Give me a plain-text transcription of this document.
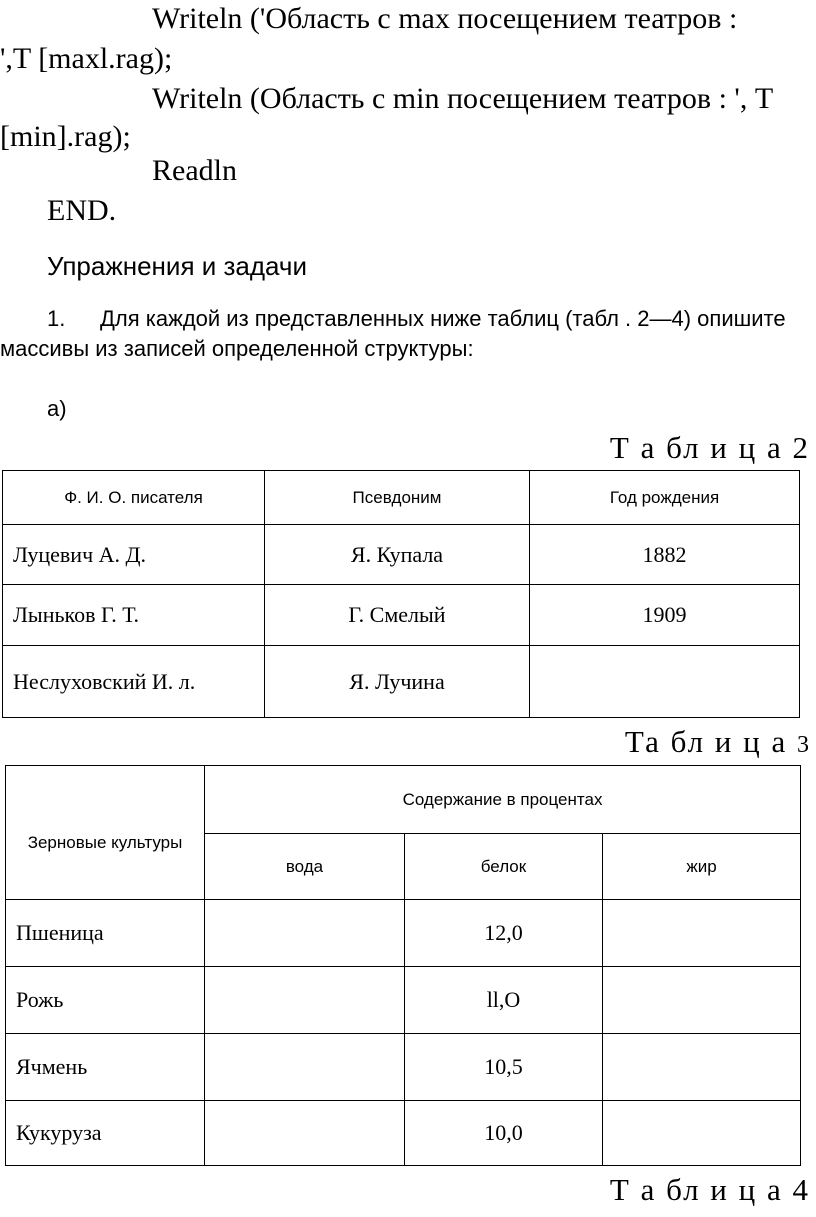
Writeln ('Область с max посещением театров :

',T [maxl.rag);

Writeln (Область с min посещением театров : ', T

[min].rag);

Readln

END.

Упражнения и задачи

1. Для каждой из представленных ниже таблиц (табл . 2—4) опишите

массивы из записей определенной структуры:

а)

Т а бл и ц а 2

Ф. И. О. писателя	Псевдоним	Год рождения
Луцевич А. Д.	Я. Купала	1882
Лыньков Г. Т.	Г. Смелый	1909
Неслуховский И. л.	Я. Лучина	

Та бл и ц а 3

Зерновые культуры	Содержание в процентах		
	вода	белок	жир
Пшеница		12,0	
Рожь		ll,O	
Ячмень		10,5	
Кукуруза		10,0	

Т а бл и ц а 4
